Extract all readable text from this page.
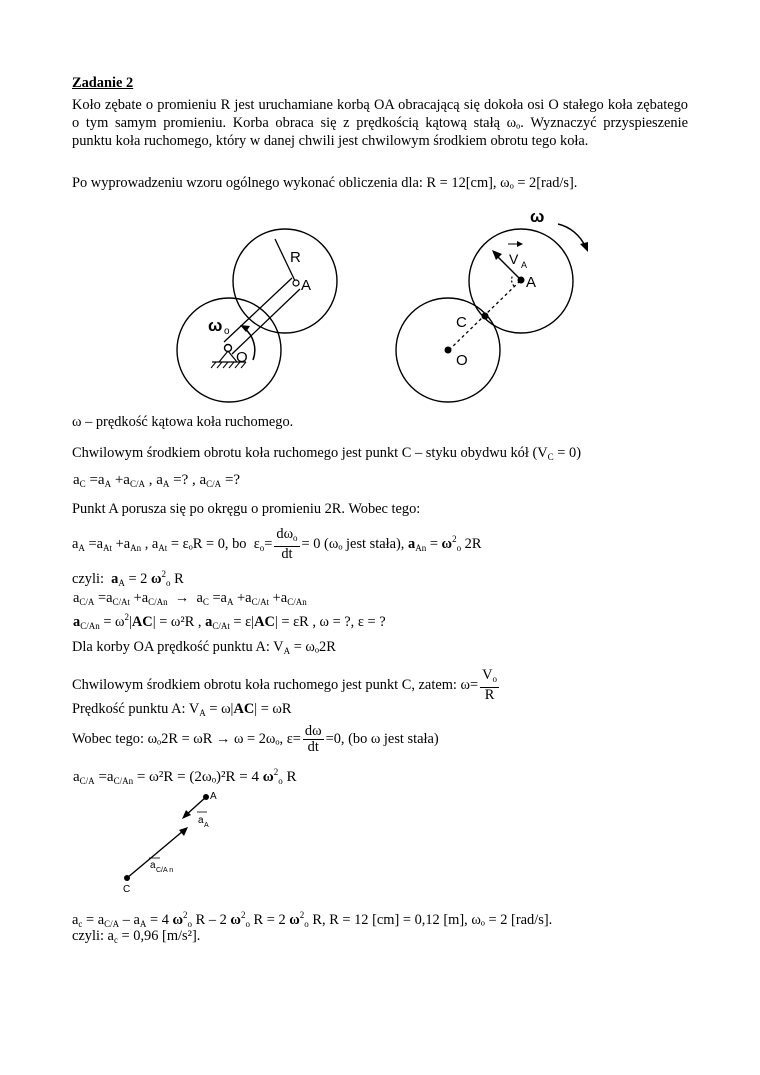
Zadanie 2
Koło zębate o promieniu R jest uruchamiane korbą OA obracającą się dokoła osi O stałego koła zębatego o tym samym promieniu. Korba obraca się z prędkością kątową stałą ωₒ. Wyznaczyć przyspieszenie punktu koła ruchomego, który w danej chwili jest chwilowym środkiem obrotu tego koła.
Po wyprowadzeniu wzoru ogólnego wykonać obliczenia dla: R = 12[cm], ωₒ = 2[rad/s].
R
A
O
ω o
ω
V A
A
C
O
ω – prędkość kątowa koła ruchomego.
Chwilowym środkiem obrotu koła ruchomego jest punkt C – styku obydwu kół $(V_C = 0)$
$a_C =a_A +a_{C/A}$ , $a_A$ =? , $a_{C/A}$ =?
Punkt A porusza się po okręgu o promieniu 2R. Wobec tego:
$a_A =a_{At} +a_{An}$ , $a_{At} = \varepsilon_oR = 0$, bo  $\varepsilon_o= \frac{d\omega_o}{dt} = 0$ (ωₒ jest stała), $a_{An} = \omega^2_o$ 2R
czyli: $a_A = 2$ $\omega^2_o$ R
$a_{C/A} =a_{C/At} +a_{C/An} \to a_C =a_A +a_{C/At} +a_{C/An}$
$a_{C/An} = \omega^2|AC| = \omega^2R$ , $a_{C/At} = \varepsilon|AC| = \varepsilon R$ , ω = ?, ε = ?
Dla korby OA prędkość punktu A: $V_A = \omega_o2R$
Chwilowym środkiem obrotu koła ruchomego jest punkt C, zatem: $\omega= \frac{V_o}{R}$
Prędkość punktu A: $V_A = \omega|AC| = \omega R$
Wobec tego: ωₒ2R = ωR → ω = 2ωₒ, $\varepsilon= \frac{d\omega}{dt} =0$, (bo ω jest stała)
$a_{C/A} =a_{C/An} = \omega^2R = (2\omega_o)^2R = 4$ $\omega^2_o$ R
A
C
a A
a C/A n
$a_c = a_{C/A} - a_A = 4$ $\omega^2_o$ R – 2 $\omega^2_o$ R = 2 $\omega^2_o$ R, R = 12 [cm] = 0,12 [m], ωₒ = 2 [rad/s].
czyli: $a_c = 0,96$ [m/s²].
